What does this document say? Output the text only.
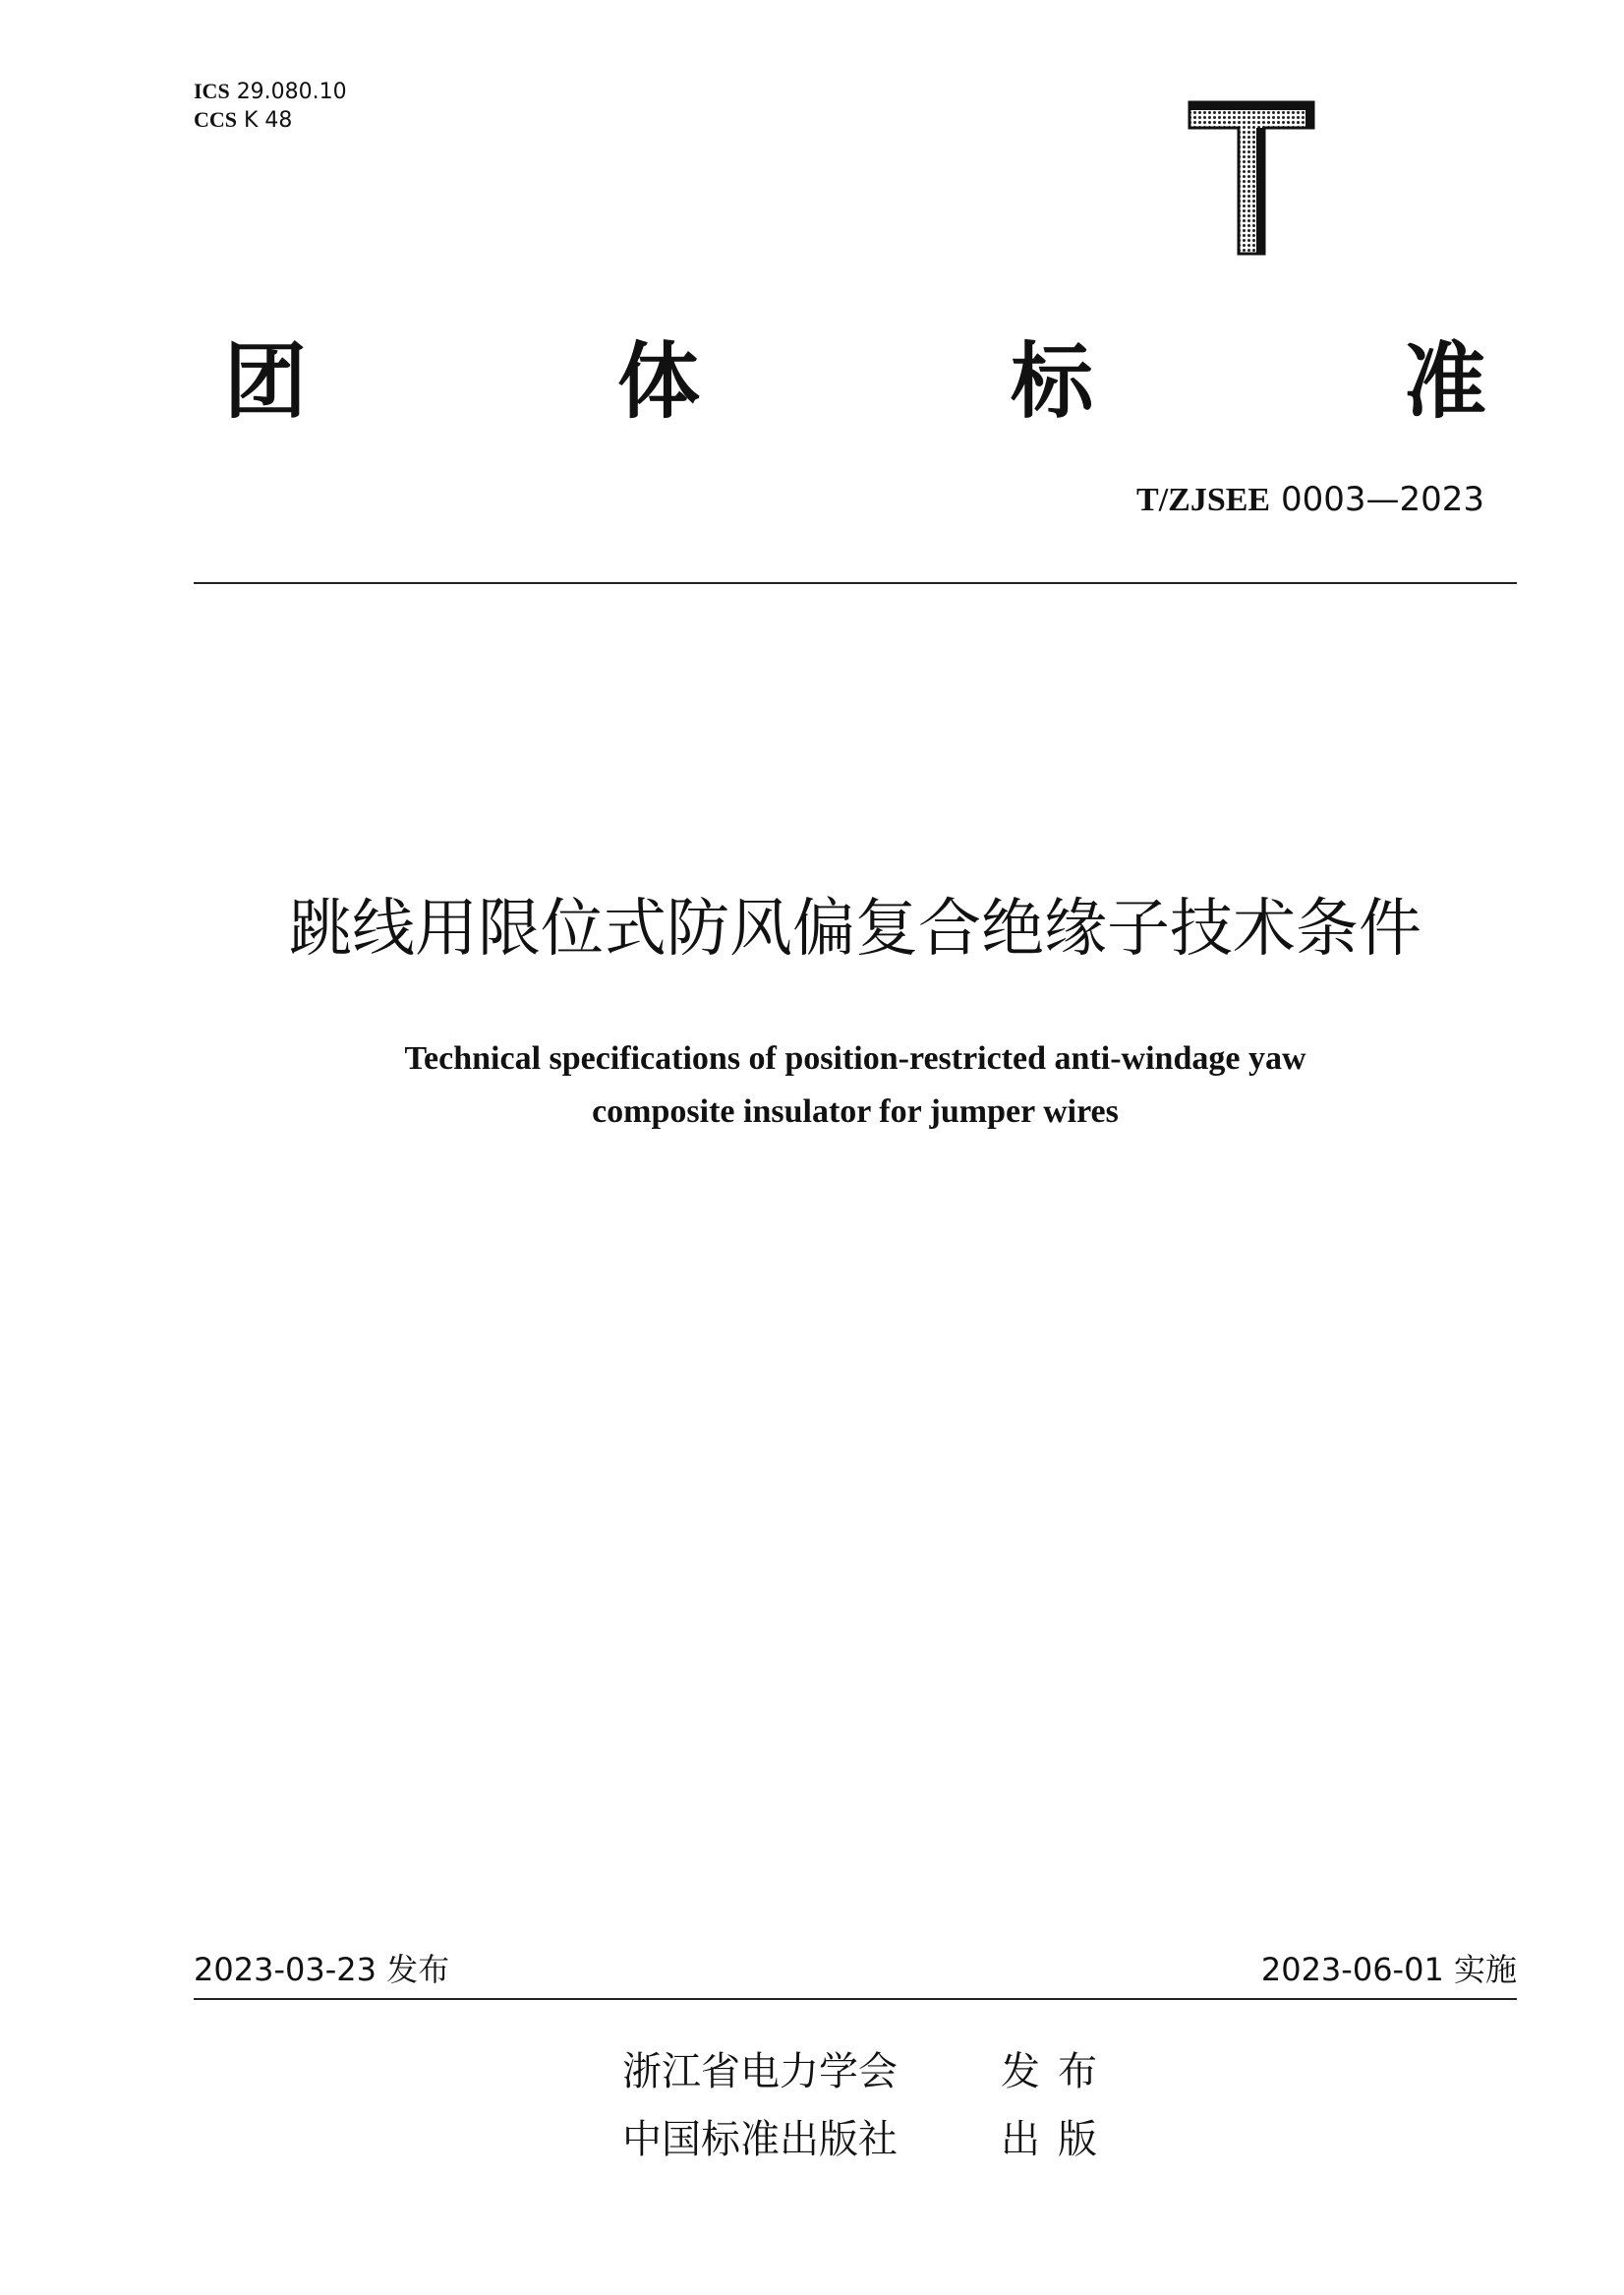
ICS 29.080.10
CCS K 48
团	体	标	准
T/ZJSEE 0003—2023
跳线用限位式防风偏复合绝缘子技术条件
Technical specifications of position-restricted anti-windage yaw
composite insulator for jumper wires
2023-03-23 发布	2023-06-01 实施
浙江省电力学会	发布
中国标准出版社	出版
